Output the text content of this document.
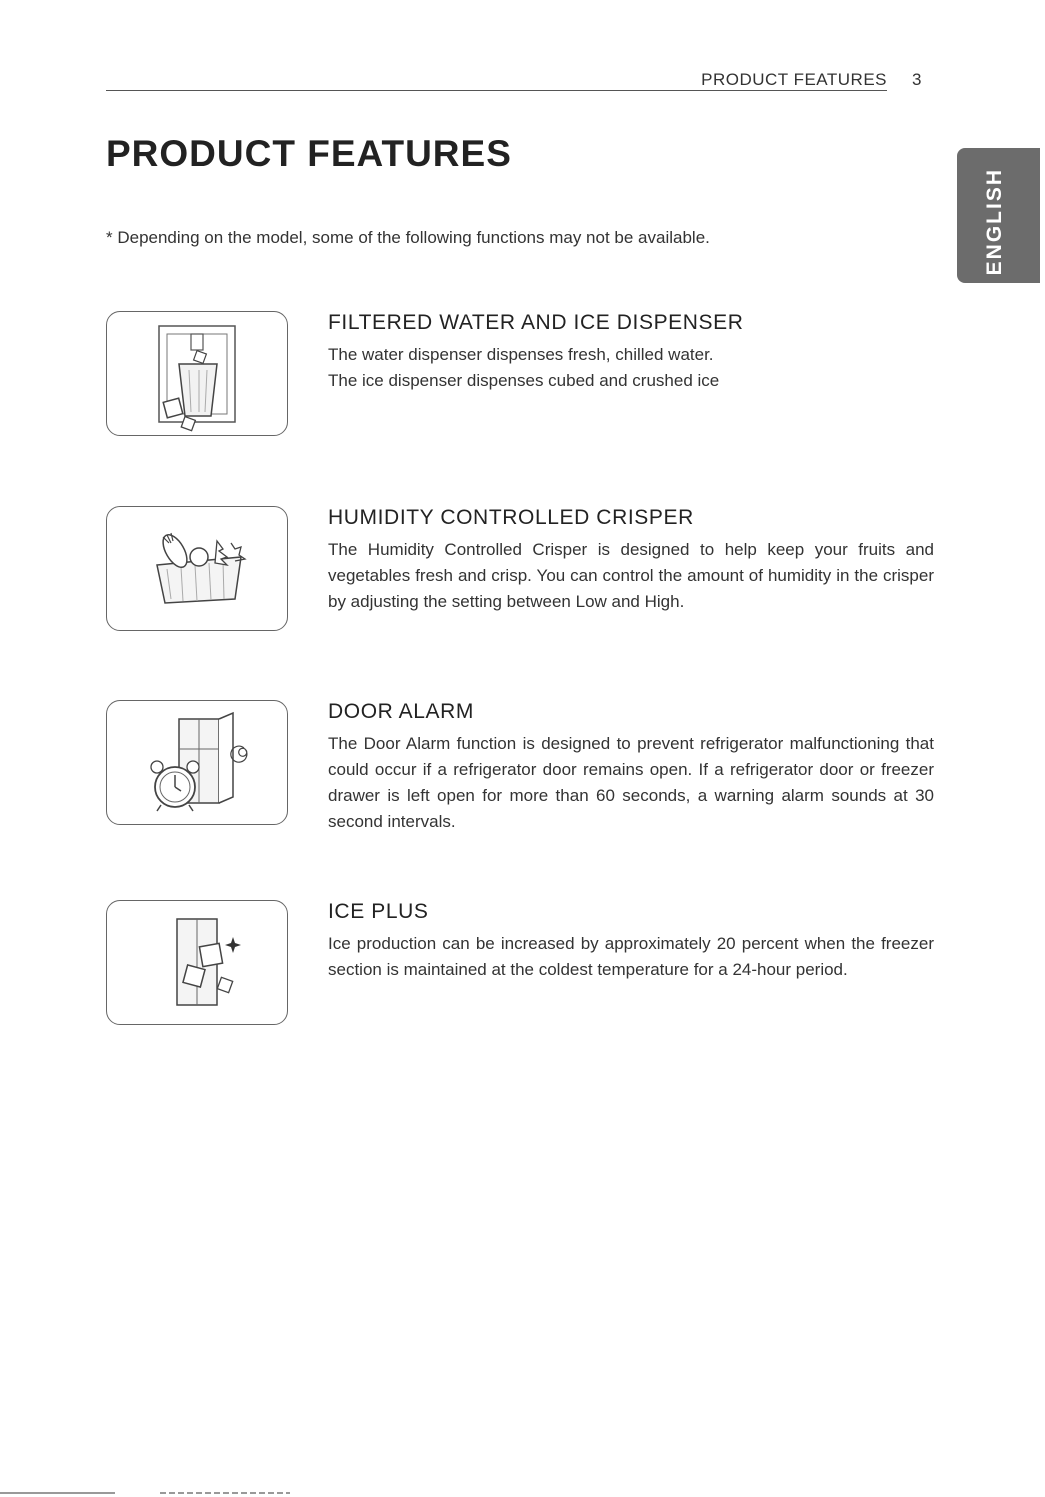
PRODUCT FEATURES 3
PRODUCT FEATURES

* Depending on the model, some of the following functions may not be available.	ENGLISH
FILTERED WATER AND ICE DISPENSER

The water dispenser dispenses fresh, chilled water.
The ice dispenser dispenses cubed and crushed ice

HUMIDITY CONTROLLED CRISPER

The Humidity Controlled Crisper is designed to help keep your fruits and vegetables fresh and crisp. You can control the amount of humidity in the crisper by adjusting the setting between Low and High.

DOOR ALARM

The Door Alarm function is designed to prevent refrigerator malfunctioning that could occur if a refrigerator door remains open. If a refrigerator door or freezer drawer is left open for more than 60 seconds, a warning alarm sounds at 30 second intervals.

ICE PLUS

Ice production can be increased by approximately 20 percent when the freezer section is maintained at the coldest temperature for a 24-hour period.
